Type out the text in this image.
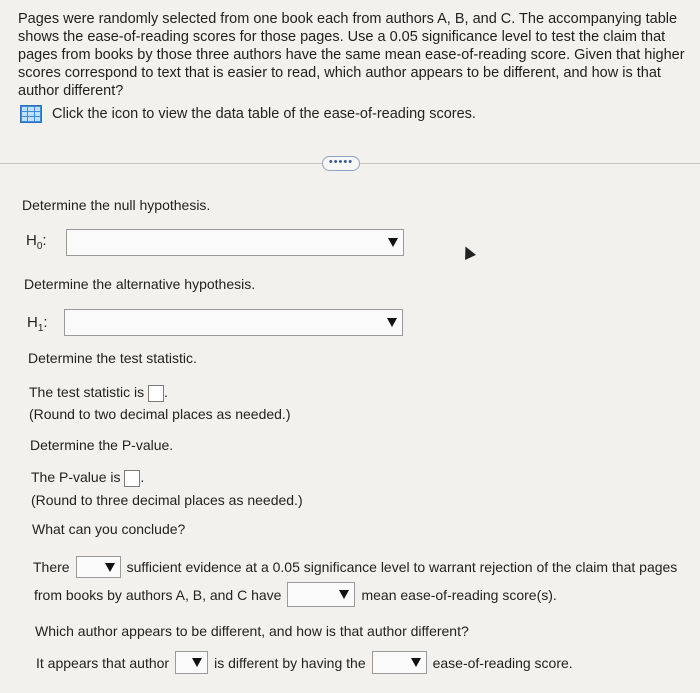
Pages were randomly selected from one book each from authors A, B, and C. The accompanying table
shows the ease-of-reading scores for those pages. Use a 0.05 significance level to test the claim that
pages from books by those three authors have the same mean ease-of-reading score. Given that higher
scores correspond to text that is easier to read, which author appears to be different, and how is that
author different?
Click the icon to view the data table of the ease-of-reading scores.
•••••
Determine the null hypothesis.
$H_0$:
Determine the alternative hypothesis.
$H_1$:
Determine the test statistic.
The test statistic is .
(Round to two decimal places as needed.)
Determine the P-value.
The P-value is .
(Round to three decimal places as needed.)
What can you conclude?
There	sufficient evidence at a 0.05 significance level to warrant rejection of the claim that pages
from books by authors A, B, and C have	mean ease-of-reading score(s).
Which author appears to be different, and how is that author different?
It appears that author	is different by having the	ease-of-reading score.
